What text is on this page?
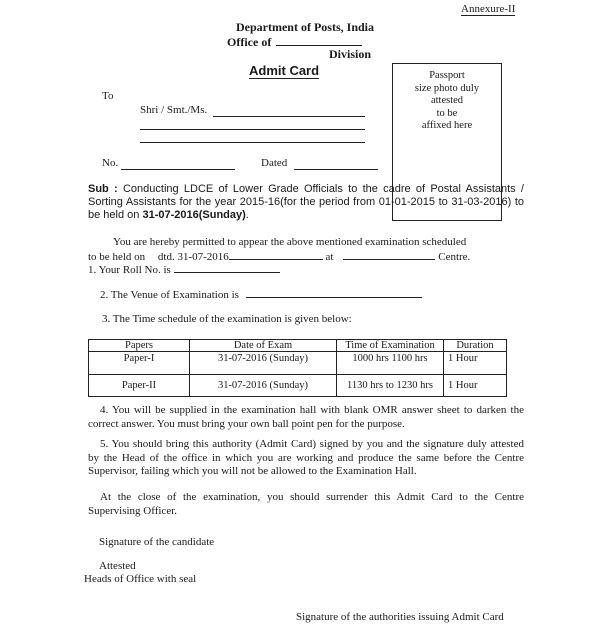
Annexure-II
Department of Posts, India
Office of
Division
Admit Card	Passport
size photo duly
attested
to be
affixed here
To
Shri / Smt./Ms.
No.	Dated
Sub : Conducting LDCE of Lower Grade Officials to the cadre of Postal Assistants / Sorting Assistants for the year 2015-16(for the period from 01-01-2015 to 31-03-2016) to be held on 31-07-2016(Sunday).
You are hereby permitted to appear the above mentioned examination scheduled
to be held on dtd. 31-07-2016	at	Centre.
1. Your Roll No. is
2. The Venue of Examination is
3. The Time schedule of the examination is given below:
Papers	Date of Exam	Time of Examination	Duration
Paper-I	31-07-2016 (Sunday)	1000 hrs 1100 hrs	1 Hour
Paper-II	31-07-2016 (Sunday)	1130 hrs to 1230 hrs	1 Hour
4. You will be supplied in the examination hall with blank OMR answer sheet to darken the correct answer. You must bring your own ball point pen for the purpose.
5. You should bring this authority (Admit Card) signed by you and the signature duly attested by the Head of the office in which you are working and produce the same before the Centre Supervisor, failing which you will not be allowed to the Examination Hall.
At the close of the examination, you should surrender this Admit Card to the Centre Supervising Officer.
Signature of the candidate
Attested
Heads of Office with seal
Signature of the authorities issuing Admit Card
